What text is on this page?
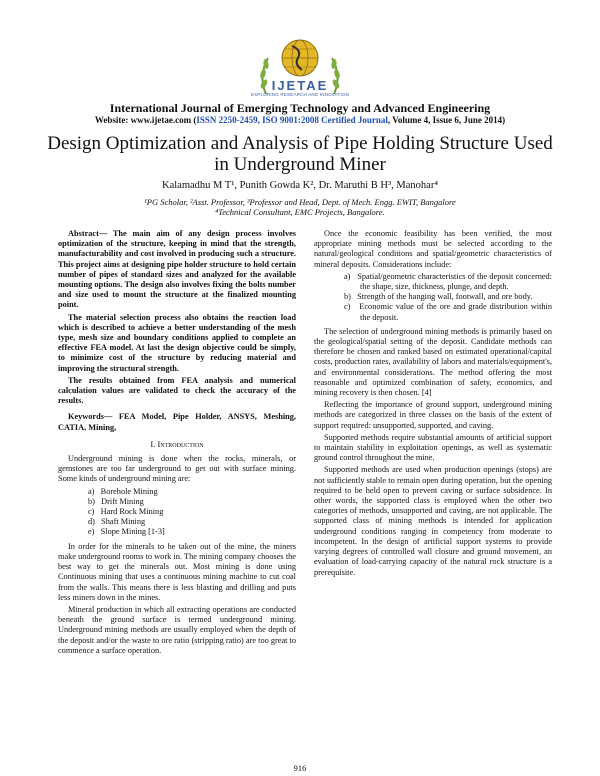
IJETAE
EXPLORING RESEARCH AND INNOVATION
International Journal of Emerging Technology and Advanced Engineering
Website: www.ijetae.com (ISSN 2250-2459, ISO 9001:2008 Certified Journal, Volume 4, Issue 6, June 2014)
Design Optimization and Analysis of Pipe Holding Structure Used in Underground Miner
Kalamadhu M T¹, Punith Gowda K², Dr. Maruthi B H³, Manohar⁴
¹PG Scholar, ²Asst. Professor, ³Professor and Head, Dept. of Mech. Engg. EWIT, Bangalore
⁴Technical Consultant, EMC Projects, Bangalore.

Abstract— The main aim of any design process involves optimization of the structure, keeping in mind that the strength, manufacturability and cost involved in producing such a structure. This project aims at designing pipe holder structure to hold certain number of pipes of standard sizes and analyzed for the available mounting options. The design also involves fixing the bolts number and size used to mount the structure at the finalized mounting point.

The material selection process also obtains the reaction load which is described to achieve a better understanding of the mesh type, mesh size and boundary conditions applied to complete an effective FEA model. At last the design objective could be simply, to minimize cost of the structure by reducing material and improving the structural strength.

The results obtained from FEA analysis and numerical calculation values are validated to check the accuracy of the results.

Keywords— FEA Model, Pipe Holder, ANSYS, Meshing, CATIA, Mining,
I. Introduction

Underground mining is done when the rocks, minerals, or gemstones are too far underground to get out with surface mining. Some kinds of underground mining are:

a)   Borehole Mining
b)   Drift Mining
c)   Hard Rock Mining
d)   Shaft Mining
e)   Slope Mining [1-3]

In order for the minerals to be taken out of the mine, the miners make underground rooms to work in. The mining company chooses the best way to get the minerals out. Most mining is done using Continuous mining that uses a continuous mining machine to cut coal from the walls. This means there is less blasting and drilling and puts less miners down in the mines.

Mineral production in which all extracting operations are conducted beneath the ground surface is termed underground mining. Underground mining methods are usually employed when the depth of the deposit and/or the waste to ore ratio (stripping ratio) are too great to commence a surface operation.

Once the economic feasibility has been verified, the most appropriate mining methods must be selected according to the natural/geological conditions and spatial/geometric characteristics of mineral deposits. Considerations include:

a)   Spatial/geometric characteristics of the deposit concerned: the shape, size, thickness, plunge, and depth.
b)   Strength of the hanging wall, footwall, and ore body.
c)   Economic value of the ore and grade distribution within the deposit.

The selection of underground mining methods is primarily based on the geological/spatial setting of the deposit. Candidate methods can therefore be chosen and ranked based on estimated operational/capital costs, production rates, availability of labors and materials/equipment's, and environmental considerations. The method offering the most reasonable and optimized combination of safety, economics, and mining recovery is then chosen. [4]

Reflecting the importance of ground support, underground mining methods are categorized in three classes on the basis of the extent of support required: unsupported, supported, and caving.

Supported methods require substantial amounts of artificial support to maintain stability in exploitation openings, as well as systematic ground control throughout the mine.

Supported methods are used when production openings (stops) are not sufficiently stable to remain open during operation, but the opening required to be held open to prevent caving or surface subsidence. In other words, the supported class is employed when the other two categories of methods, unsupported and caving, are not applicable. The supported class of mining methods is intended for application underground conditions ranging in competency from moderate to incompetent. In the design of artificial support systems to provide varying degrees of controlled wall closure and ground movement, an evaluation of load-carrying capacity of the natural rock structure is a prerequisite.

916
